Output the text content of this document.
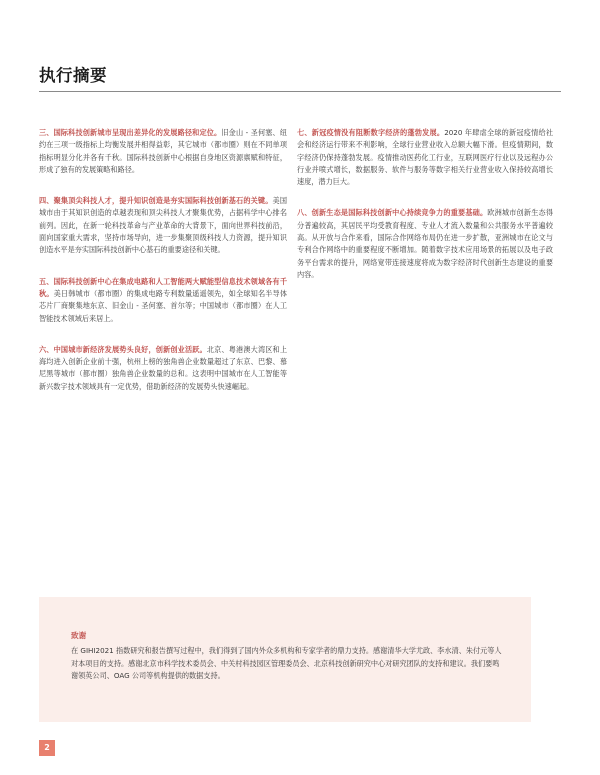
执行摘要

三、国际科技创新城市呈现出差异化的发展路径和定位。旧金山 - 圣何塞、纽约在三项一级指标上均衡发展并相得益彰，其它城市（都市圈）则在不同单项指标明显分化并各有千秋。国际科技创新中心根据自身地区资源禀赋和特征，形成了独有的发展策略和路径。

四、聚集顶尖科技人才，提升知识创造是夯实国际科技创新基石的关键。美国城市由于其知识创造的卓越表现和顶尖科技人才聚集优势，占据科学中心排名前列。因此，在新一轮科技革命与产业革命的大背景下，面向世界科技前沿，面向国家重大需求，坚持市场导向，进一步集聚顶级科技人力资源，提升知识创造水平是夯实国际科技创新中心基石的重要途径和关键。

五、国际科技创新中心在集成电路和人工智能两大赋能型信息技术领域各有千秋。美日韩城市（都市圈）的集成电路专利数量遥遥领先，如全球知名半导体芯片厂商聚集地东京、旧金山 - 圣何塞、首尔等；中国城市（都市圈）在人工智能技术领域后来居上。

六、中国城市新经济发展势头良好，创新创业活跃。北京、粤港澳大湾区和上海均进入创新企业前十强，杭州上榜的独角兽企业数量超过了东京、巴黎、慕尼黑等城市（都市圈）独角兽企业数量的总和。这表明中国城市在人工智能等新兴数字技术领域具有一定优势，借助新经济的发展势头快速崛起。

七、新冠疫情没有阻断数字经济的蓬勃发展。2020 年肆虐全球的新冠疫情给社会和经济运行带来不利影响，全球行业营业收入总额大幅下滑。但疫情期间，数字经济仍保持蓬勃发展。疫情推动医药化工行业，互联网医疗行业以及远程办公行业并喷式增长，数据服务、软件与服务等数字相关行业营业收入保持较高增长速度，潜力巨大。

八、创新生态是国际科技创新中心持续竞争力的重要基础。欧洲城市创新生态得分普遍较高，其居民平均受教育程度、专业人才流入数量和公共服务水平普遍较高。从开放与合作来看，国际合作网络布局仍在进一步扩散，亚洲城市在论文与专利合作网络中的重要程度不断增加。随着数字技术应用场景的拓展以及电子政务平台需求的提升，网络宽带连接速度将成为数字经济时代创新生态建设的重要内容。

致谢
在 GIHI2021 指数研究和报告撰写过程中，我们得到了国内外众多机构和专家学者的鼎力支持。感谢清华大学尤政、李水清、朱付元等人对本项目的支持。感谢北京市科学技术委员会、中关村科技园区管理委员会、北京科技创新研究中心对研究团队的支持和建议。我们要鸣谢领英公司、OAG 公司等机构提供的数据支持。
2
